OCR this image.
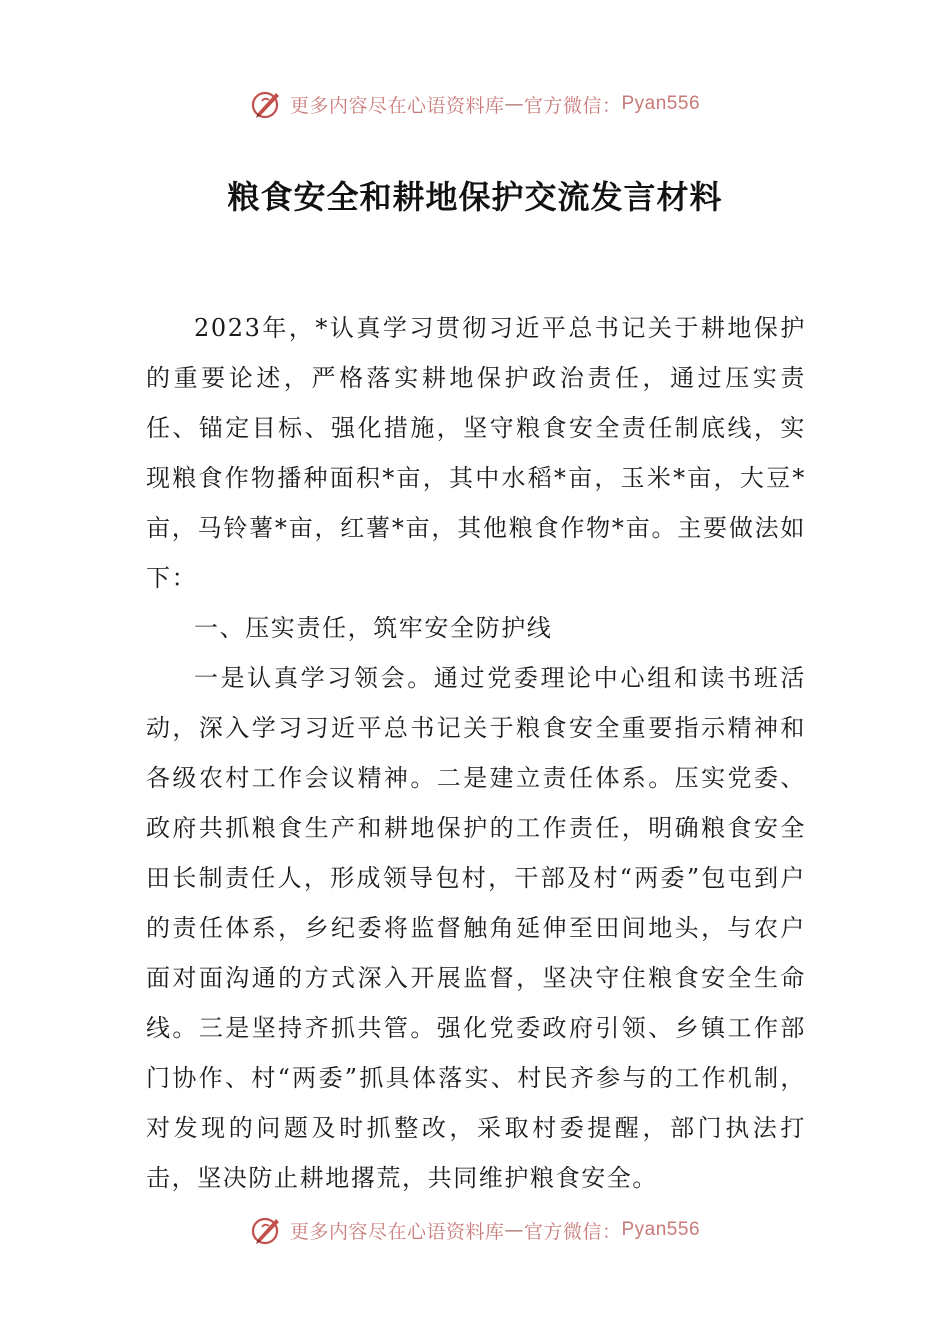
更多内容尽在心语资料库 — 官方微信： Pyan556
粮食安全和耕地保护交流发言材料

2023年，*认真学习贯彻习近平总书记关于耕地保护的重要论述，严格落实耕地保护政治责任，通过压实责任、锚定目标、强化措施，坚守粮食安全责任制底线，实现粮食作物播种面积*亩，其中水稻*亩，玉米*亩，大豆*亩，马铃薯*亩，红薯*亩，其他粮食作物*亩。主要做法如下：

一、压实责任，筑牢安全防护线

一是认真学习领会。通过党委理论中心组和读书班活动，深入学习习近平总书记关于粮食安全重要指示精神和各级农村工作会议精神。二是建立责任体系。压实党委、政府共抓粮食生产和耕地保护的工作责任，明确粮食安全田长制责任人，形成领导包村，干部及村“两委”包屯到户的责任体系，乡纪委将监督触角延伸至田间地头，与农户面对面沟通的方式深入开展监督，坚决守住粮食安全生命线。三是坚持齐抓共管。强化党委政府引领、乡镇工作部门协作、村“两委”抓具体落实、村民齐参与的工作机制，对发现的问题及时抓整改，采取村委提醒，部门执法打击，坚决防止耕地撂荒，共同维护粮食安全。

更多内容尽在心语资料库 — 官方微信： Pyan556
